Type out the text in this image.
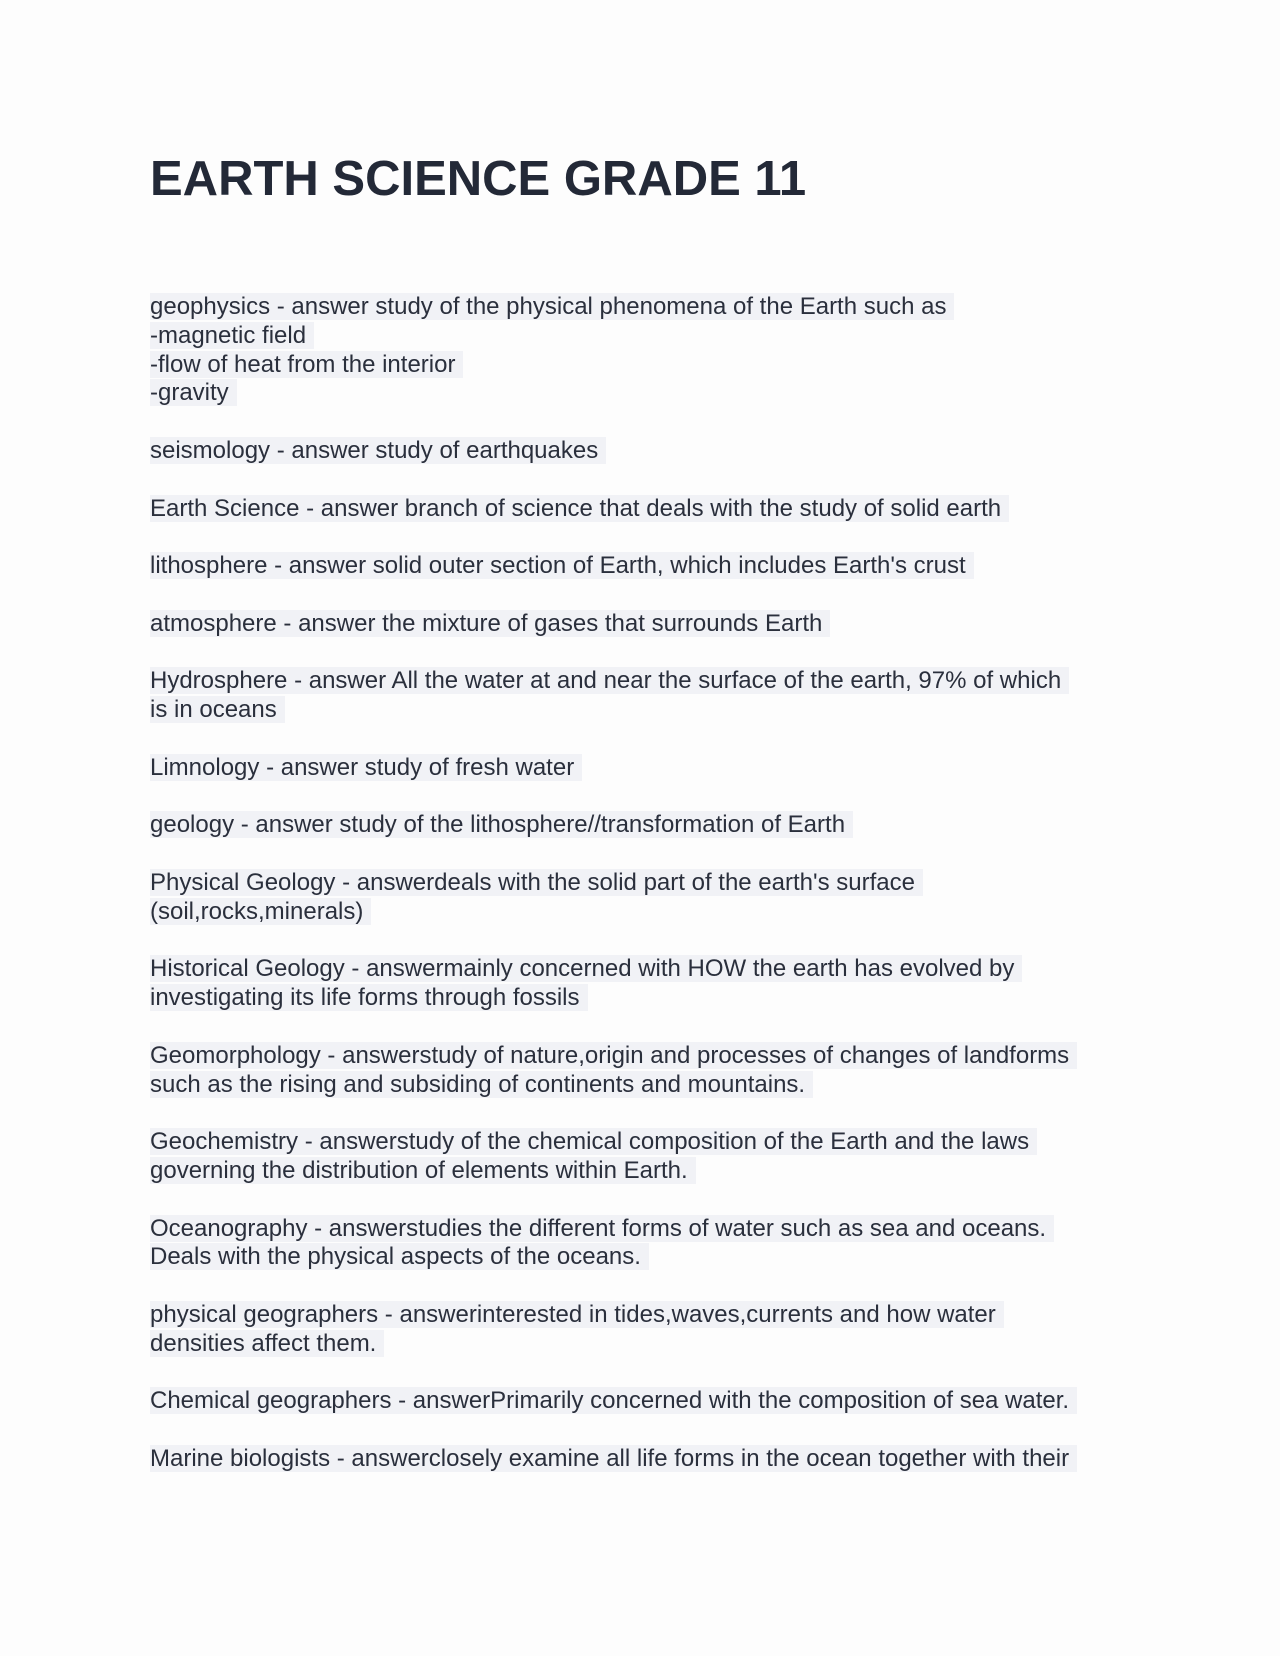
EARTH SCIENCE GRADE 11
geophysics - answer study of the physical phenomena of the Earth such as
-magnetic field
-flow of heat from the interior
-gravity
seismology - answer study of earthquakes
Earth Science - answer branch of science that deals with the study of solid earth
lithosphere - answer solid outer section of Earth, which includes Earth's crust
atmosphere - answer the mixture of gases that surrounds Earth
Hydrosphere - answer All the water at and near the surface of the earth, 97% of which
is in oceans
Limnology - answer study of fresh water
geology - answer study of the lithosphere//transformation of Earth
Physical Geology - answerdeals with the solid part of the earth's surface
(soil,rocks,minerals)
Historical Geology - answermainly concerned with HOW the earth has evolved by
investigating its life forms through fossils
Geomorphology - answerstudy of nature,origin and processes of changes of landforms
such as the rising and subsiding of continents and mountains.
Geochemistry - answerstudy of the chemical composition of the Earth and the laws
governing the distribution of elements within Earth.
Oceanography - answerstudies the different forms of water such as sea and oceans.
Deals with the physical aspects of the oceans.
physical geographers - answerinterested in tides,waves,currents and how water
densities affect them.
Chemical geographers - answerPrimarily concerned with the composition of sea water.
Marine biologists - answerclosely examine all life forms in the ocean together with their
